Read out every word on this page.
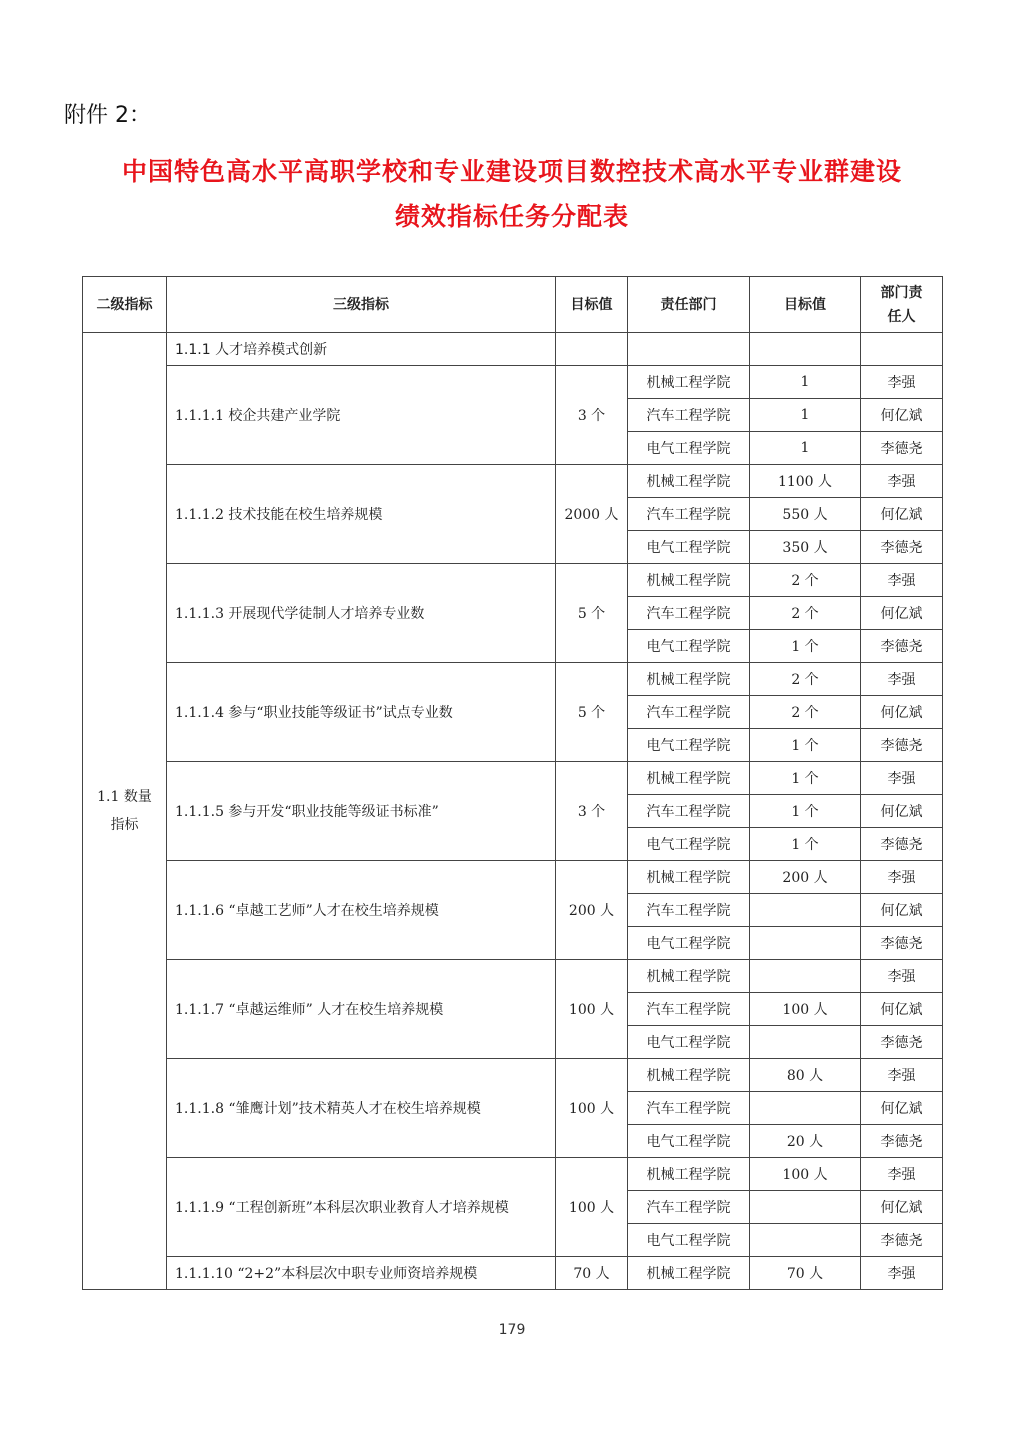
附件 2：
中国特色高水平高职学校和专业建设项目数控技术高水平专业群建设
绩效指标任务分配表
二级指标	三级指标	目标值	责任部门	目标值	部门责
任人

1.1 数量
指标	1.1.1 人才培养模式创新				
	1.1.1.1 校企共建产业学院	3 个	机械工程学院	1	李强
			汽车工程学院	1	何亿斌
			电气工程学院	1	李德尧
	1.1.1.2 技术技能在校生培养规模	2000 人	机械工程学院	1100 人	李强
			汽车工程学院	550 人	何亿斌
			电气工程学院	350 人	李德尧
	1.1.1.3 开展现代学徒制人才培养专业数	5 个	机械工程学院	2 个	李强
			汽车工程学院	2 个	何亿斌
			电气工程学院	1 个	李德尧
	1.1.1.4 参与“职业技能等级证书”试点专业数	5 个	机械工程学院	2 个	李强
			汽车工程学院	2 个	何亿斌
			电气工程学院	1 个	李德尧
	1.1.1.5 参与开发“职业技能等级证书标准”	3 个	机械工程学院	1 个	李强
			汽车工程学院	1 个	何亿斌
			电气工程学院	1 个	李德尧
	1.1.1.6 “卓越工艺师”人才在校生培养规模	200 人	机械工程学院	200 人	李强
			汽车工程学院		何亿斌
			电气工程学院		李德尧
	1.1.1.7 “卓越运维师” 人才在校生培养规模	100 人	机械工程学院		李强
			汽车工程学院	100 人	何亿斌
			电气工程学院		李德尧
	1.1.1.8 “雏鹰计划”技术精英人才在校生培养规模	100 人	机械工程学院	80 人	李强
			汽车工程学院		何亿斌
			电气工程学院	20 人	李德尧
	1.1.1.9 “工程创新班”本科层次职业教育人才培养规模	100 人	机械工程学院	100 人	李强
			汽车工程学院		何亿斌
			电气工程学院		李德尧
	1.1.1.10 “2+2”本科层次中职专业师资培养规模	70 人	机械工程学院	70 人	李强
179
